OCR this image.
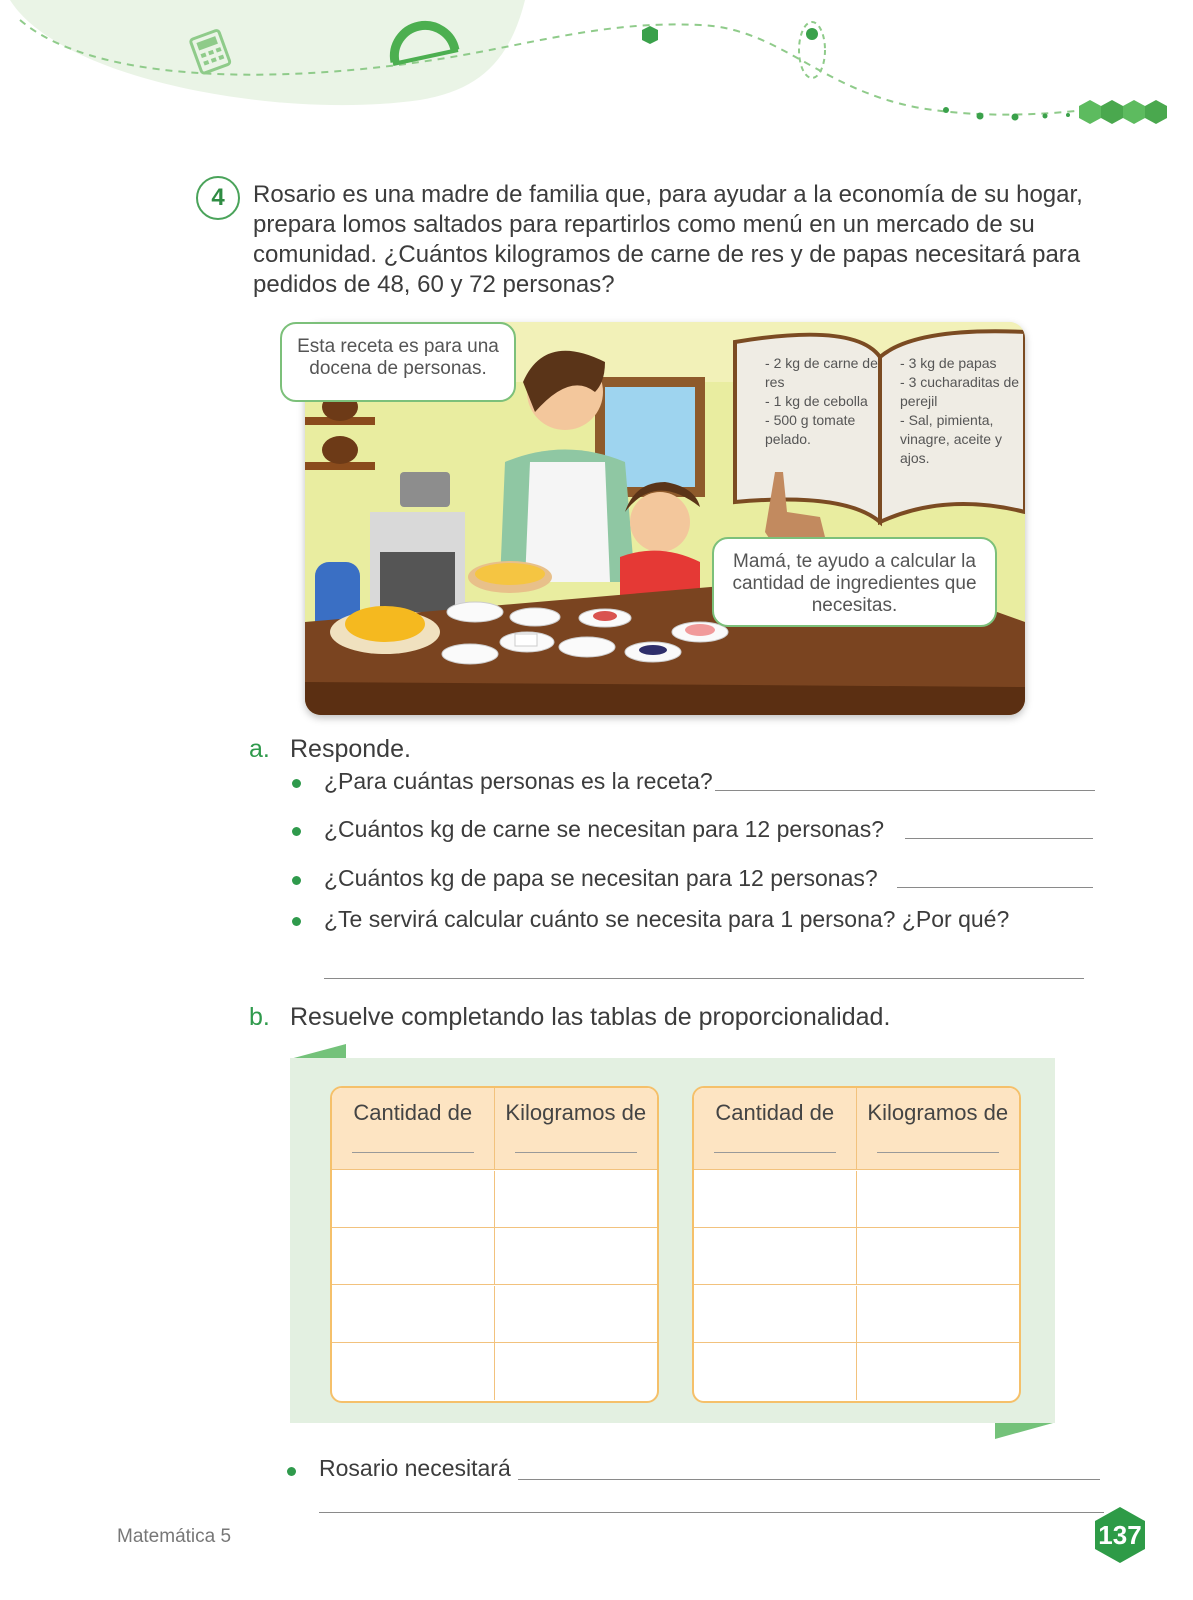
4	Rosario es una madre de familia que, para ayudar a la economía de su hogar, prepara lomos saltados para repartirlos como menú en un mercado de su comunidad. ¿Cuántos kilogramos de carne de res y de papas necesitará para pedidos de 48, 60 y 72 personas?
- 2 kg de carne de res
- 1 kg de cebolla
- 500 g tomate pelado.
- 3 kg de papas
- 3 cucharaditas de perejil
- Sal, pimienta, vinagre, aceite y ajos.
Esta receta es para una docena de personas.
Mamá, te ayudo a calcular la cantidad de ingredientes que necesitas.
a. Responde.
¿Para cuántas personas es la receta?
¿Cuántos kg de carne se necesitan para 12 personas?
¿Cuántos kg de papa se necesitan para 12 personas?
¿Te servirá calcular cuánto se necesita para 1 persona? ¿Por qué?
b. Resuelve completando las tablas de proporcionalidad.
Cantidad de	Kilogramos de	Cantidad de	Kilogramos de
Rosario necesitará
Matemática 5	137
